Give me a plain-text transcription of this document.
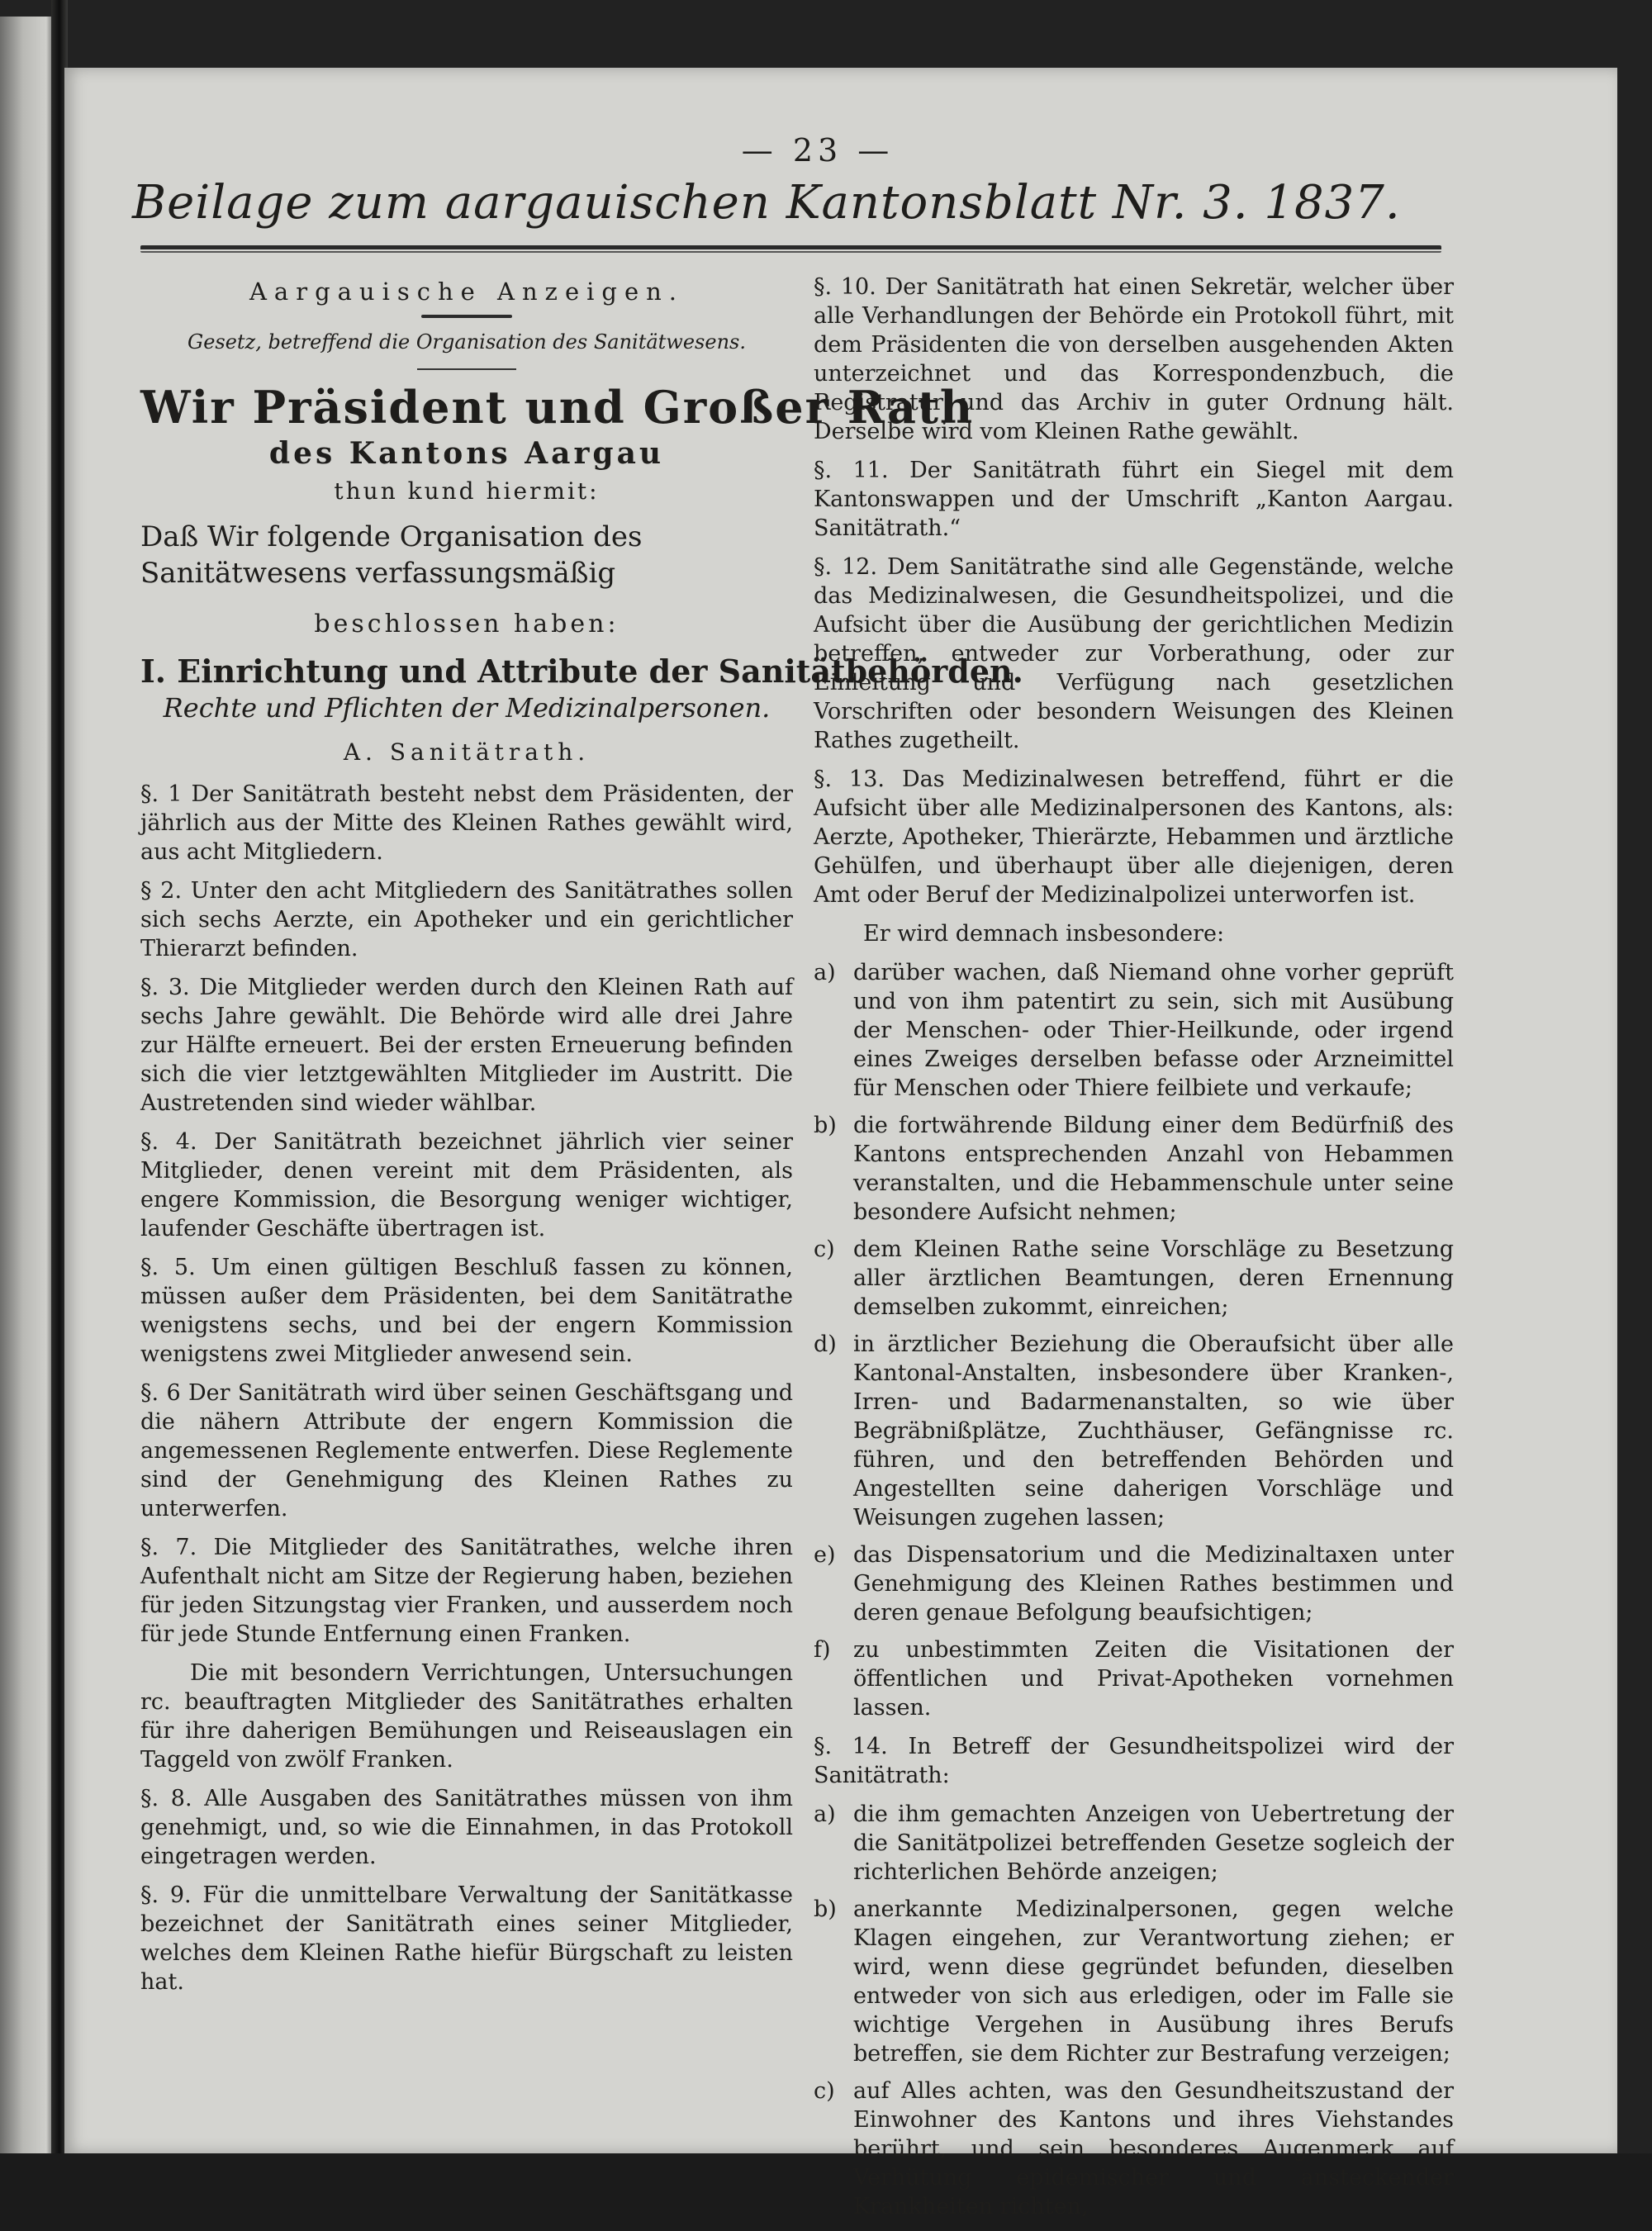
— 23 —
Beilage zum aargauischen Kantonsblatt Nr. 3. 1837.
Aargauische Anzeigen.
Gesetz, betreffend die Organisation des Sanitätwesens.
Wir Präsident und Großer Rath
des Kantons Aargau
thun kund hiermit:
Daß Wir folgende Organisation des Sanitätwesens verfassungsmäßig
beschlossen haben:
I. Einrichtung und Attribute der Sanitätbehörden.
Rechte und Pflichten der Medizinalpersonen.
A. Sanitätrath.
§. 1 Der Sanitätrath besteht nebst dem Präsidenten, der jährlich aus der Mitte des Kleinen Rathes gewählt wird, aus acht Mitgliedern.
§ 2. Unter den acht Mitgliedern des Sanitätrathes sollen sich sechs Aerzte, ein Apotheker und ein gerichtlicher Thierarzt befinden.
§. 3. Die Mitglieder werden durch den Kleinen Rath auf sechs Jahre gewählt. Die Behörde wird alle drei Jahre zur Hälfte erneuert. Bei der ersten Erneuerung befinden sich die vier letztgewählten Mitglieder im Austritt. Die Austretenden sind wieder wählbar.
§. 4. Der Sanitätrath bezeichnet jährlich vier seiner Mitglieder, denen vereint mit dem Präsidenten, als engere Kommission, die Besorgung weniger wichtiger, laufender Geschäfte übertragen ist.
§. 5. Um einen gültigen Beschluß fassen zu können, müssen außer dem Präsidenten, bei dem Sanitätrathe wenigstens sechs, und bei der engern Kommission wenigstens zwei Mitglieder anwesend sein.
§. 6 Der Sanitätrath wird über seinen Geschäftsgang und die nähern Attribute der engern Kommission die angemessenen Reglemente entwerfen. Diese Reglemente sind der Genehmigung des Kleinen Rathes zu unterwerfen.
§. 7. Die Mitglieder des Sanitätrathes, welche ihren Aufenthalt nicht am Sitze der Regierung haben, beziehen für jeden Sitzungstag vier Franken, und ausserdem noch für jede Stunde Entfernung einen Franken.
Die mit besondern Verrichtungen, Untersuchungen rc. beauftragten Mitglieder des Sanitätrathes erhalten für ihre daherigen Bemühungen und Reiseauslagen ein Taggeld von zwölf Franken.
§. 8. Alle Ausgaben des Sanitätrathes müssen von ihm genehmigt, und, so wie die Einnahmen, in das Protokoll eingetragen werden.
§. 9. Für die unmittelbare Verwaltung der Sanitätkasse bezeichnet der Sanitätrath eines seiner Mitglieder, welches dem Kleinen Rathe hiefür Bürgschaft zu leisten hat.
§. 10. Der Sanitätrath hat einen Sekretär, welcher über alle Verhandlungen der Behörde ein Protokoll führt, mit dem Präsidenten die von derselben ausgehenden Akten unterzeichnet und das Korrespondenzbuch, die Registratur und das Archiv in guter Ordnung hält. Derselbe wird vom Kleinen Rathe gewählt.
§. 11. Der Sanitätrath führt ein Siegel mit dem Kantonswappen und der Umschrift „Kanton Aargau. Sanitätrath.“
§. 12. Dem Sanitätrathe sind alle Gegenstände, welche das Medizinalwesen, die Gesundheitspolizei, und die Aufsicht über die Ausübung der gerichtlichen Medizin betreffen, entweder zur Vorberathung, oder zur Einleitung und Verfügung nach gesetzlichen Vorschriften oder besondern Weisungen des Kleinen Rathes zugetheilt.
§. 13. Das Medizinalwesen betreffend, führt er die Aufsicht über alle Medizinalpersonen des Kantons, als: Aerzte, Apotheker, Thierärzte, Hebammen und ärztliche Gehülfen, und überhaupt über alle diejenigen, deren Amt oder Beruf der Medizinalpolizei unterworfen ist.
Er wird demnach insbesondere:
a) darüber wachen, daß Niemand ohne vorher geprüft und von ihm patentirt zu sein, sich mit Ausübung der Menschen- oder Thier-Heilkunde, oder irgend eines Zweiges derselben befasse oder Arzneimittel für Menschen oder Thiere feilbiete und verkaufe;
b) die fortwährende Bildung einer dem Bedürfniß des Kantons entsprechenden Anzahl von Hebammen veranstalten, und die Hebammenschule unter seine besondere Aufsicht nehmen;
c) dem Kleinen Rathe seine Vorschläge zu Besetzung aller ärztlichen Beamtungen, deren Ernennung demselben zukommt, einreichen;
d) in ärztlicher Beziehung die Oberaufsicht über alle Kantonal-Anstalten, insbesondere über Kranken-, Irren- und Badarmenanstalten, so wie über Begräbnißplätze, Zuchthäuser, Gefängnisse rc. führen, und den betreffenden Behörden und Angestellten seine daherigen Vorschläge und Weisungen zugehen lassen;
e) das Dispensatorium und die Medizinaltaxen unter Genehmigung des Kleinen Rathes bestimmen und deren genaue Befolgung beaufsichtigen;
f)	zu unbestimmten Zeiten die Visitationen der öffentlichen und Privat-Apotheken vornehmen lassen.
§. 14. In Betreff der Gesundheitspolizei wird der Sanitätrath:
a) die ihm gemachten Anzeigen von Uebertretung der die Sanitätpolizei betreffenden Gesetze sogleich der richterlichen Behörde anzeigen;
b) anerkannte Medizinalpersonen, gegen welche Klagen eingehen, zur Verantwortung ziehen; er wird, wenn diese gegründet befunden, dieselben entweder von sich aus erledigen, oder im Falle sie wichtige Vergehen in Ausübung ihres Berufs betreffen, sie dem Richter zur Bestrafung verzeigen;
c) auf Alles achten, was den Gesundheitszustand der Einwohner des Kantons und ihres Viehstandes berührt, und sein besonderes Augenmerk auf Verhütung epidemischer und ansteckender Krankheiten richten,
